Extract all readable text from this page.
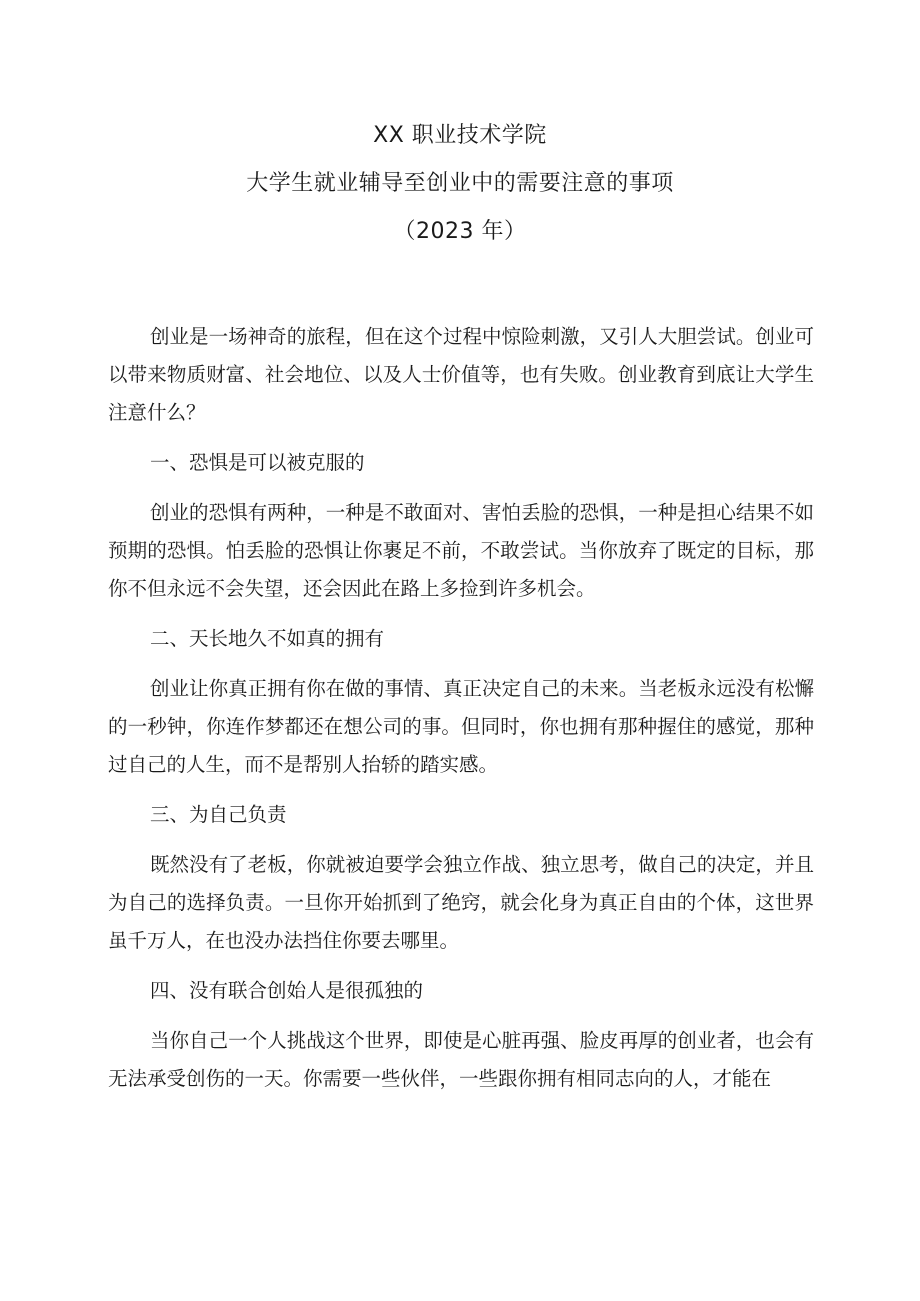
XX 职业技术学院
大学生就业辅导至创业中的需要注意的事项
（2023 年）

创业是一场神奇的旅程，但在这个过程中惊险刺激，又引人大胆尝试。创业可以带来物质财富、社会地位、以及人士价值等，也有失败。创业教育到底让大学生注意什么？

一、恐惧是可以被克服的

创业的恐惧有两种，一种是不敢面对、害怕丢脸的恐惧，一种是担心结果不如预期的恐惧。怕丢脸的恐惧让你裹足不前，不敢尝试。当你放弃了既定的目标，那你不但永远不会失望，还会因此在路上多捡到许多机会。

二、天长地久不如真的拥有

创业让你真正拥有你在做的事情、真正决定自己的未来。当老板永远没有松懈的一秒钟，你连作梦都还在想公司的事。但同时，你也拥有那种握住的感觉，那种过自己的人生，而不是帮别人抬轿的踏实感。

三、为自己负责

既然没有了老板，你就被迫要学会独立作战、独立思考，做自己的决定，并且为自己的选择负责。一旦你开始抓到了绝窍，就会化身为真正自由的个体，这世界虽千万人，在也没办法挡住你要去哪里。

四、没有联合创始人是很孤独的

当你自己一个人挑战这个世界，即使是心脏再强、脸皮再厚的创业者，也会有无法承受创伤的一天。你需要一些伙伴，一些跟你拥有相同志向的人，才能在
